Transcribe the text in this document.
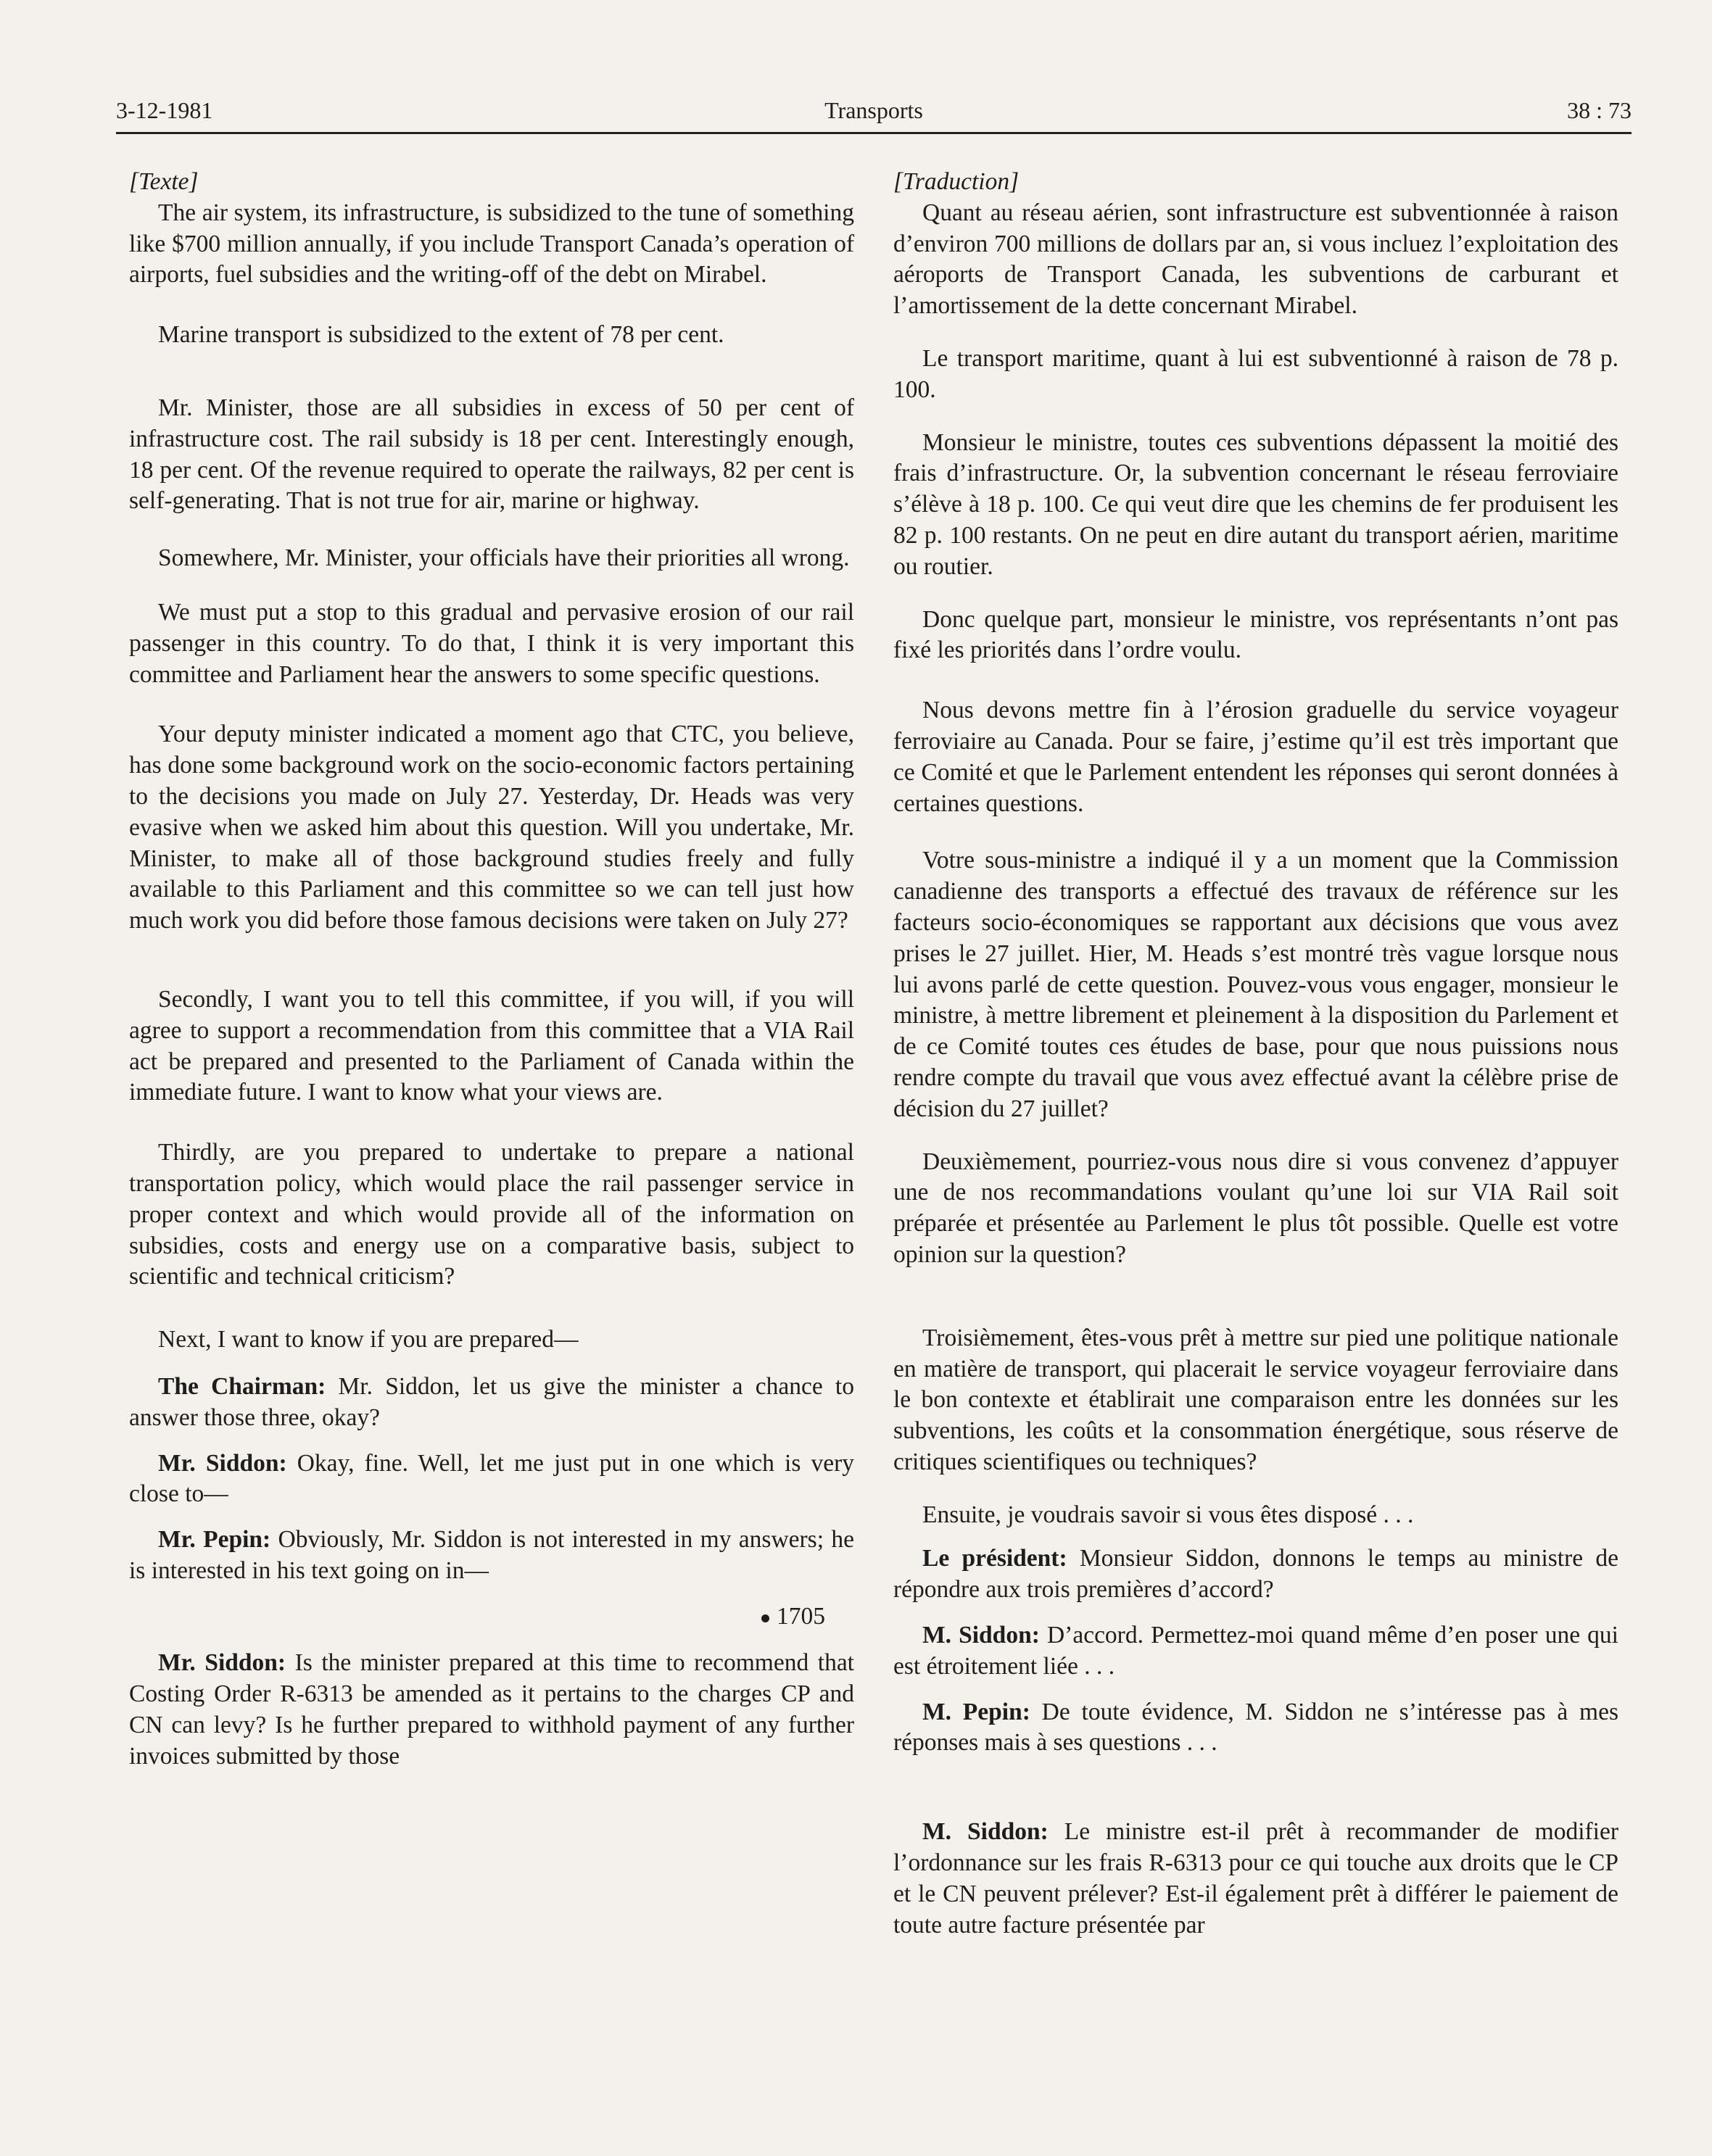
3-12-1981	Transports	38 : 73

[Texte]

The air system, its infrastructure, is subsidized to the tune of something like $700 million annually, if you include Transport Canada’s operation of airports, fuel subsidies and the writing-off of the debt on Mirabel.

Marine transport is subsidized to the extent of 78 per cent.

Mr. Minister, those are all subsidies in excess of 50 per cent of infrastructure cost. The rail subsidy is 18 per cent. Interestingly enough, 18 per cent. Of the revenue required to operate the railways, 82 per cent is self-generating. That is not true for air, marine or highway.

Somewhere, Mr. Minister, your officials have their priorities all wrong.

We must put a stop to this gradual and pervasive erosion of our rail passenger in this country. To do that, I think it is very important this committee and Parliament hear the answers to some specific questions.

Your deputy minister indicated a moment ago that CTC, you believe, has done some background work on the socio-economic factors pertaining to the decisions you made on July 27. Yesterday, Dr. Heads was very evasive when we asked him about this question. Will you undertake, Mr. Minister, to make all of those background studies freely and fully available to this Parliament and this committee so we can tell just how much work you did before those famous decisions were taken on July 27?

Secondly, I want you to tell this committee, if you will, if you will agree to support a recommendation from this committee that a VIA Rail act be prepared and presented to the Parliament of Canada within the immediate future. I want to know what your views are.

Thirdly, are you prepared to undertake to prepare a national transportation policy, which would place the rail passenger service in proper context and which would provide all of the information on subsidies, costs and energy use on a comparative basis, subject to scientific and technical criticism?

Next, I want to know if you are prepared—

The Chairman: Mr. Siddon, let us give the minister a chance to answer those three, okay?

Mr. Siddon: Okay, fine. Well, let me just put in one which is very close to—

Mr. Pepin: Obviously, Mr. Siddon is not interested in my answers; he is interested in his text going on in—

1705

Mr. Siddon: Is the minister prepared at this time to recommend that Costing Order R-6313 be amended as it pertains to the charges CP and CN can levy? Is he further prepared to withhold payment of any further invoices submitted by those

[Traduction]

Quant au réseau aérien, sont infrastructure est subventionnée à raison d’environ 700 millions de dollars par an, si vous incluez l’exploitation des aéroports de Transport Canada, les subventions de carburant et l’amortissement de la dette concernant Mirabel.

Le transport maritime, quant à lui est subventionné à raison de 78 p. 100.

Monsieur le ministre, toutes ces subventions dépassent la moitié des frais d’infrastructure. Or, la subvention concernant le réseau ferroviaire s’élève à 18 p. 100. Ce qui veut dire que les chemins de fer produisent les 82 p. 100 restants. On ne peut en dire autant du transport aérien, maritime ou routier.

Donc quelque part, monsieur le ministre, vos représentants n’ont pas fixé les priorités dans l’ordre voulu.

Nous devons mettre fin à l’érosion graduelle du service voyageur ferroviaire au Canada. Pour se faire, j’estime qu’il est très important que ce Comité et que le Parlement entendent les réponses qui seront données à certaines questions.

Votre sous-ministre a indiqué il y a un moment que la Commission canadienne des transports a effectué des travaux de référence sur les facteurs socio-économiques se rapportant aux décisions que vous avez prises le 27 juillet. Hier, M. Heads s’est montré très vague lorsque nous lui avons parlé de cette question. Pouvez-vous vous engager, monsieur le ministre, à mettre librement et pleinement à la disposition du Parlement et de ce Comité toutes ces études de base, pour que nous puissions nous rendre compte du travail que vous avez effectué avant la célèbre prise de décision du 27 juillet?

Deuxièmement, pourriez-vous nous dire si vous convenez d’appuyer une de nos recommandations voulant qu’une loi sur VIA Rail soit préparée et présentée au Parlement le plus tôt possible. Quelle est votre opinion sur la question?

Troisièmement, êtes-vous prêt à mettre sur pied une politique nationale en matière de transport, qui placerait le service voyageur ferroviaire dans le bon contexte et établirait une comparaison entre les données sur les subventions, les coûts et la consommation énergétique, sous réserve de critiques scientifiques ou techniques?

Ensuite, je voudrais savoir si vous êtes disposé . . .

Le président: Monsieur Siddon, donnons le temps au ministre de répondre aux trois premières d’accord?

M. Siddon: D’accord. Permettez-moi quand même d’en poser une qui est étroitement liée . . .

M. Pepin: De toute évidence, M. Siddon ne s’intéresse pas à mes réponses mais à ses questions . . .

M. Siddon: Le ministre est-il prêt à recommander de modifier l’ordonnance sur les frais R-6313 pour ce qui touche aux droits que le CP et le CN peuvent prélever? Est-il également prêt à différer le paiement de toute autre facture présentée par
